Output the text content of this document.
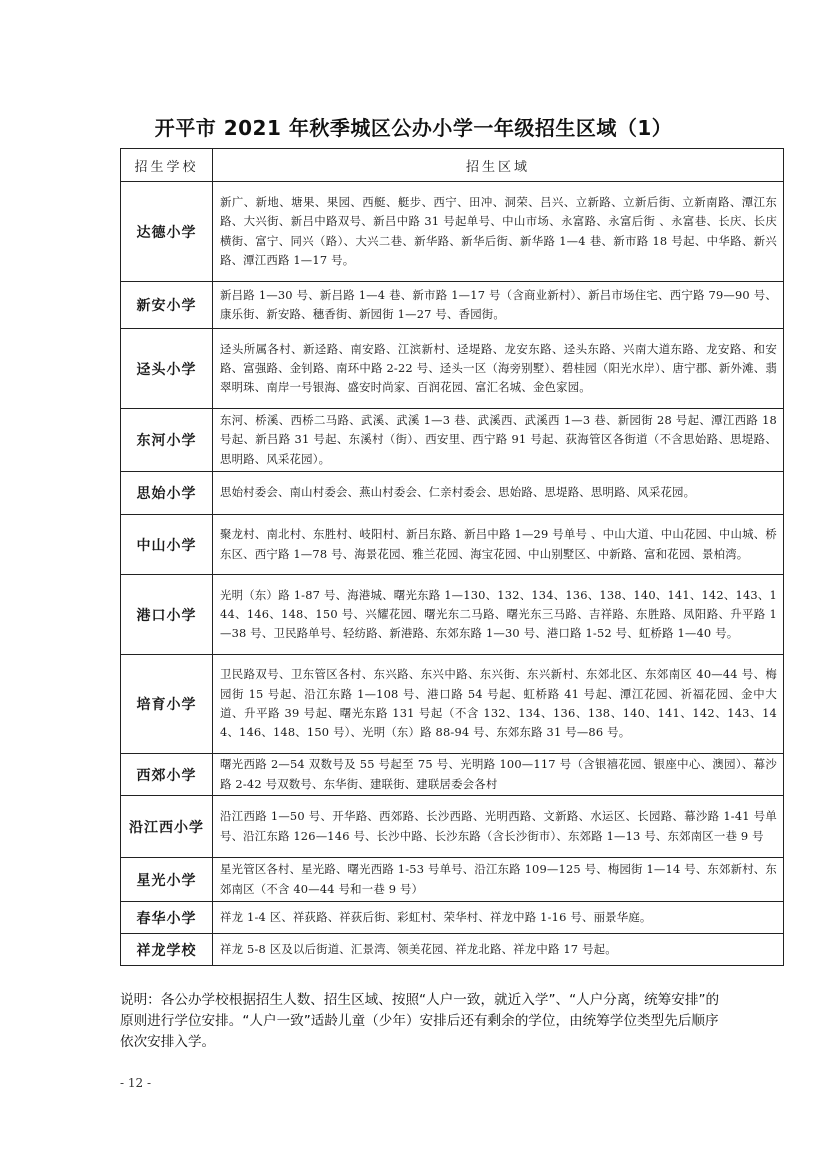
开平市 2021 年秋季城区公办小学一年级招生区域（1）
招生学校	招生区域
达德小学	新广、新地、塘果、果园、西艇、艇步、西宁、田冲、洞荣、吕兴、立新路、立新后街、立新南路、潭江东路、大兴街、新吕中路双号、新吕中路 31 号起单号、中山市场、永富路、永富后街 、永富巷、长庆、长庆横街、富宁、同兴（路）、大兴二巷、新华路、新华后街、新华路 1—4 巷、新市路 18 号起、中华路、新兴路、潭江西路 1—17 号。
新安小学	新吕路 1—30 号、新吕路 1—4 巷、新市路 1—17 号（含商业新村）、新吕市场住宅、西宁路 79—90 号、康乐街、新安路、穗香街、新园街 1—27 号、香园街。
迳头小学	迳头所属各村、新迳路、南安路、江滨新村、迳堤路、龙安东路、迳头东路、兴南大道东路、龙安路、和安路、富强路、金钊路、南环中路 2-22 号、迳头一区（海旁别墅）、碧桂园（阳光水岸）、唐宁郡、新外滩、翡翠明珠、南岸一号银海、盛安时尚家、百润花园、富汇名城、金色家园。
东河小学	东河、桥溪、西桥二马路、武溪、武溪 1—3 巷、武溪西、武溪西 1—3 巷、新园街 28 号起、潭江西路 18 号起、新吕路 31 号起、东溪村（街）、西安里、西宁路 91 号起、荻海管区各街道（不含思始路、思堤路、思明路、风采花园）。
思始小学	思始村委会、南山村委会、燕山村委会、仁亲村委会、思始路、思堤路、思明路、风采花园。
中山小学	聚龙村、南北村、东胜村、岐阳村、新吕东路、新吕中路 1—29 号单号 、中山大道、中山花园、中山城、桥东区、西宁路 1—78 号、海景花园、雅兰花园、海宝花园、中山别墅区、中新路、富和花园、景柏湾。
港口小学	光明（东）路 1-87 号、海港城、曙光东路 1—130、132、134、136、138、140、141、142、143、144、146、148、150 号、兴耀花园、曙光东二马路、曙光东三马路、吉祥路、东胜路、凤阳路、升平路 1—38 号、卫民路单号、轻纺路、新港路、东郊东路 1—30 号、港口路 1-52 号、虹桥路 1—40 号。
培育小学	卫民路双号、卫东管区各村、东兴路、东兴中路、东兴街、东兴新村、东郊北区、东郊南区 40—44 号、梅园街 15 号起、沿江东路 1—108 号、港口路 54 号起、虹桥路 41 号起、潭江花园、祈福花园、金中大道、升平路 39 号起、曙光东路 131 号起（不含 132、134、136、138、140、141、142、143、144、146、148、150 号）、光明（东）路 88-94 号、东郊东路 31 号—86 号。
西郊小学	曙光西路 2—54 双数号及 55 号起至 75 号、光明路 100—117 号（含银禧花园、银座中心、澳园）、幕沙路 2-42 号双数号、东华街、建联街、建联居委会各村
沿江西小学	沿江西路 1—50 号、开华路、西郊路、长沙西路、光明西路、文新路、水运区、长园路、幕沙路 1-41 号单号、沿江东路 126—146 号、长沙中路、长沙东路（含长沙街市）、东郊路 1—13 号、东郊南区一巷 9 号
星光小学	星光管区各村、星光路、曙光西路 1-53 号单号、沿江东路 109—125 号、梅园街 1—14 号、东郊新村、东郊南区（不含 40—44 号和一巷 9 号）
春华小学	祥龙 1-4 区、祥荻路、祥荻后街、彩虹村、荣华村、祥龙中路 1-16 号、丽景华庭。
祥龙学校	祥龙 5-8 区及以后街道、汇景湾、领美花园、祥龙北路、祥龙中路 17 号起。
说明：各公办学校根据招生人数、招生区域、按照“人户一致，就近入学”、“人户分离，统筹安排”的原则进行学位安排。“人户一致”适龄儿童（少年）安排后还有剩余的学位，由统筹学位类型先后顺序依次安排入学。
- 12 -
